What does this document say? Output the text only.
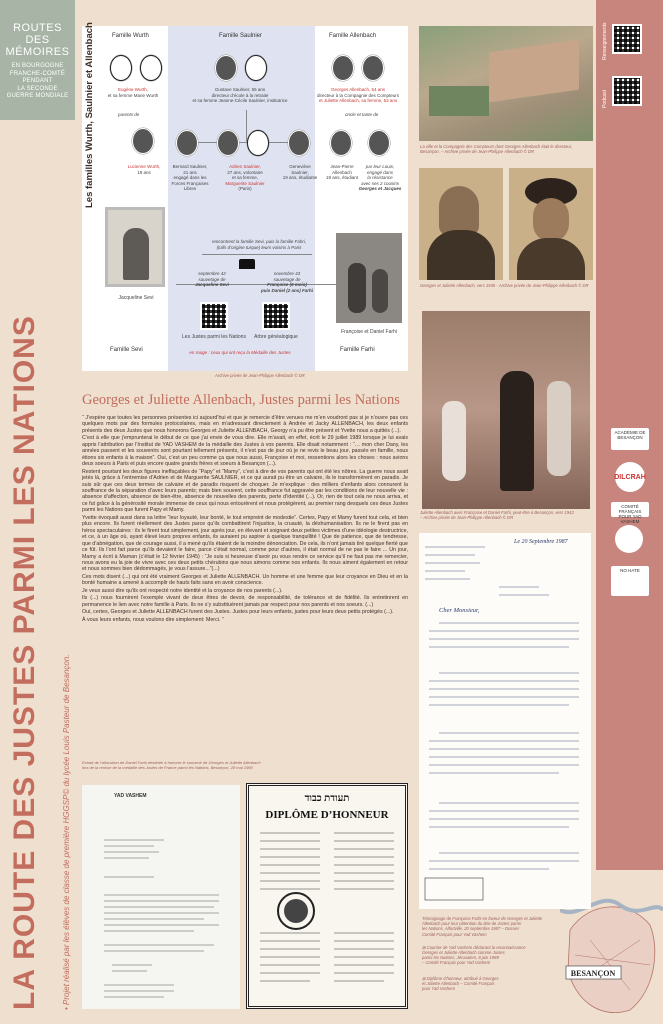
ROUTES
DES
MÉMOIRES
EN BOURGOGNE
FRANCHE-COMTÉ
PENDANT
LA SECONDE
GUERRE MONDIALE
LA ROUTE DES JUSTES PARMI LES NATIONS	• Projet réalisé par les élèves de classe de première HGGSP© du lycée Louis Pasteur de Besançon.
Renseignements
Podcast
ACADÉMIE DE BESANÇON
DILCRAH
COMITÉ FRANÇAIS POUR YAD VASHEM
NO HATE
BESANÇON
Les familles Wurth, Saulnier et Allenbach	Famille Wurth	Famille Saulnier	Famille Allenbach
Eugène Wurth,
et sa femme Marie Wurth
Gustave Saulnier, 65 ans
directeur d’école à la retraite
et sa femme Jeanne-Cécile Saulnier, institutrice
Georges Allenbach, 54 ans
directeur à la Compagnie des Compteurs
et Juliette Allenbach, sa femme, 53 ans
parents de	oncle et tante de
Lucienne Wurth,
19 ans
Bernard Saulnier,
21 ans
engagé dans les
Forces Françaises
Libres
Adrien Saulnier,
27 ans, volontaire
et sa femme,
Marguerite Saulnier
(Paris)
Geneviève
Saulnier,
19 ans, étudiante
Jean-Pierre
Allenbach
19 ans, étudiant
par leur Louis,
engagé dans
la résistance
avec ses 2 cousins
Georges et Jacques
Jacqueline Sevi
Françoise et Daniel Farhi
rencontrent la famille Sevi, puis la famille Fahri,
(tuifs d’origine turque) leurs voisins à Paris
septembre 42
sauvetage de
Jacqueline Sevi
novembre 43
sauvetage de
Françoise (6 mois)
puis Daniel (2 ans) Farhi
Les Justes parmi les Nations	Arbre généalogique
en rouge : ceux qui ont reçu la Médaille des Justes
Famille Sevi	Famille Farhi
Archive privée de Jean-Philippe Allenbach © DR
La ville et la Compagnie des Compteurs dont Georges Allenbach était le directeur,
Besançon. – Archive privée de Jean-Philippe Allenbach © DR
Georges et Juliette Allenbach, vers 1935 - Archive privée de Jean-Philippe Allenbach © DR
Juliette Allenbach avec Françoise et Daniel Farhi, peut-être à Besançon, vers 1943
– Archive privée de Jean-Philippe Allenbach © DR
Le 20 Septembre 1987
Cher Monsieur,
Témoignage de Françoise Farhi en faveur de Georges et Juliette
Allenbach pour leur obtention du titre de Justes parmi
les Nations, Alfortville, 20 septembre 1987 – Dossier
Comité Français pour Yad Vashem
⊞ Courrier de Yad Vashem déclarant la reconnaissance
Georges et Juliette Allenbach comme Justes
parmi les Nations, Jérusalem, 8 juin 1989
– Comité Français pour Yad Vashem
⊞ Diplôme d’honneur, attribué à Georges
et Juliette Allenbach – Comité Français
pour Yad Vashem
Georges et Juliette Allenbach, Justes parmi les Nations

“ J’espère que toutes les personnes présentes ici aujourd’hui et que je remercie d’être venues me m’en voudront pas si je n’ouvre pas ces quelques mots par des formules protocolaires, mais en m’adressant directement à Andrée et Jacky ALLENBACH, les deux enfants présents des deux Justes que nous honorons Georges et Juliette ALLENBACH, Georgy n’a pu être présent et Yvette nous a quittés (...).

C’est à elle que j’emprunterai le début de ce que j’ai envie de vous dire. Elle m’avait, en effet, écrit le 29 juillet 1989 lorsque je lui avais appris l’attribution par l’Institut de YAD VASHEM de la médaille des Justes à vos parents. Elle disait notamment : “… mon cher Dany, les années passent et les souvenirs sont pourtant tellement présents, il n’est pas de jour où je ne revis le beau jour, passés en famille, nous étions six enfants à la maison”. Oui, c’est un peu comme ça que nous aussi, Françoise et moi, ressentions alors les choses : nous avions deux soeurs à Paris et puis encore quatre grands frères et soeurs à Besançon (...).

Restent pourtant les deux figures ineffaçables de “Papy” et “Mamy”, c’est à dire de vos parents qui ont été les nôtres. La guerre nous avait jetés là, grâce à l’entremise d’Adrien et de Marguerite SAULNIER, et ce qui aurait pu être un calvaire, ils le transformèrent en paradis. Je suis sûr que ces deux termes de calvaire et de paradis risquent de choquer. Je m’explique : des milliers d’enfants alors connurent la souffrance de la séparation d’avec leurs parents; mais bien souvent, cette souffrance fut aggravée par les conditions de leur nouvelle vie : absence d’affection, absence de bien-être, absence de nouvelles des parents, perte d’identité (...). Or, rien de tout cela ne nous arriva, et ce fut grâce à la générosité morale immense de ceux qui nous entourèrent et nous protégèrent, au premier rang desquels ces deux Justes parmi les Nations que furent Papy et Mamy.

Yvette évoquait aussi dans sa lettre “leur loyauté, leur bonté, le tout empreint de modestie”. Certes, Papy et Mamy furent tout cela, et bien plus encore. Ils furent réellement des Justes parce qu’ils combattirent l’injustice, la cruauté, la déshumanisation. Ils ne le firent pas en héros spectaculaires : ils le firent tout simplement, jour après jour, en élevant et soignant deux petites victimes d’une idéologie destructrice, et ce, à un âge où, ayant élevé leurs propres enfants, ils auraient pu aspirer à quelque tranquillité ! Que de patience, que de tendresse, que d’abnégation, que de courage aussi, il a mené qu’ils étaient de la moindre dénonciation. De cela, ils n’ont jamais tiré quelque fierté que ce fût. Ils l’ont fait parce qu’ils devaient le faire, parce c’était normal, comme pour d’autres, il était normal de ne pas le faire ... Un jour, Mamy a écrit à Maman (c’était le 12 février 1945) : “Je suis si heureuse d’avoir pu vous rendre ce service qu’il ne faut pas me remercier, nous avons eu la joie de vivre avec ces deux petits chérubins que nous aimons comme nos enfants. Ils nous aiment également en retour et nous sommes bien dédommagés, je vous l’assure...”(...)

Ces mots disent (...) qui ont été vraiment Georges et Juliette ALLENBACH. Un homme et une femme que leur croyance en Dieu et en la bonté humaine a amené à accomplir de hauts faits sans en avoir conscience.

Je veux aussi dire qu’ils ont respecté notre identité et la croyance de nos parents (...).

Ils (...) nous fournirent l’exemple vivant de deux êtres de devoir, de responsabilité, de tolérance et de fidélité. Ils entretinrent en permanence le lien avec notre famille à Paris. Ils ne s’y substituèrent jamais par respect pour nos parents et nos soeurs. (...)

Oui, certes, Georges et Juliette ALLENBACH furent des Justes. Justes pour leurs enfants, justes pour leurs deux petits protégés (...).

À vous leurs enfants, nous voulons dire simplement: Merci. ”

Extrait de l’allocution de Daniel Farhi destinée à honorer le souvenir de Georges et Juliette Allenbach
lors de la remise de la médaille des Justes de France parmi les Nations, Besançon, 28 mai 1990
YAD VASHEM	תעודת כבוד
DIPLÔME D’HONNEUR
